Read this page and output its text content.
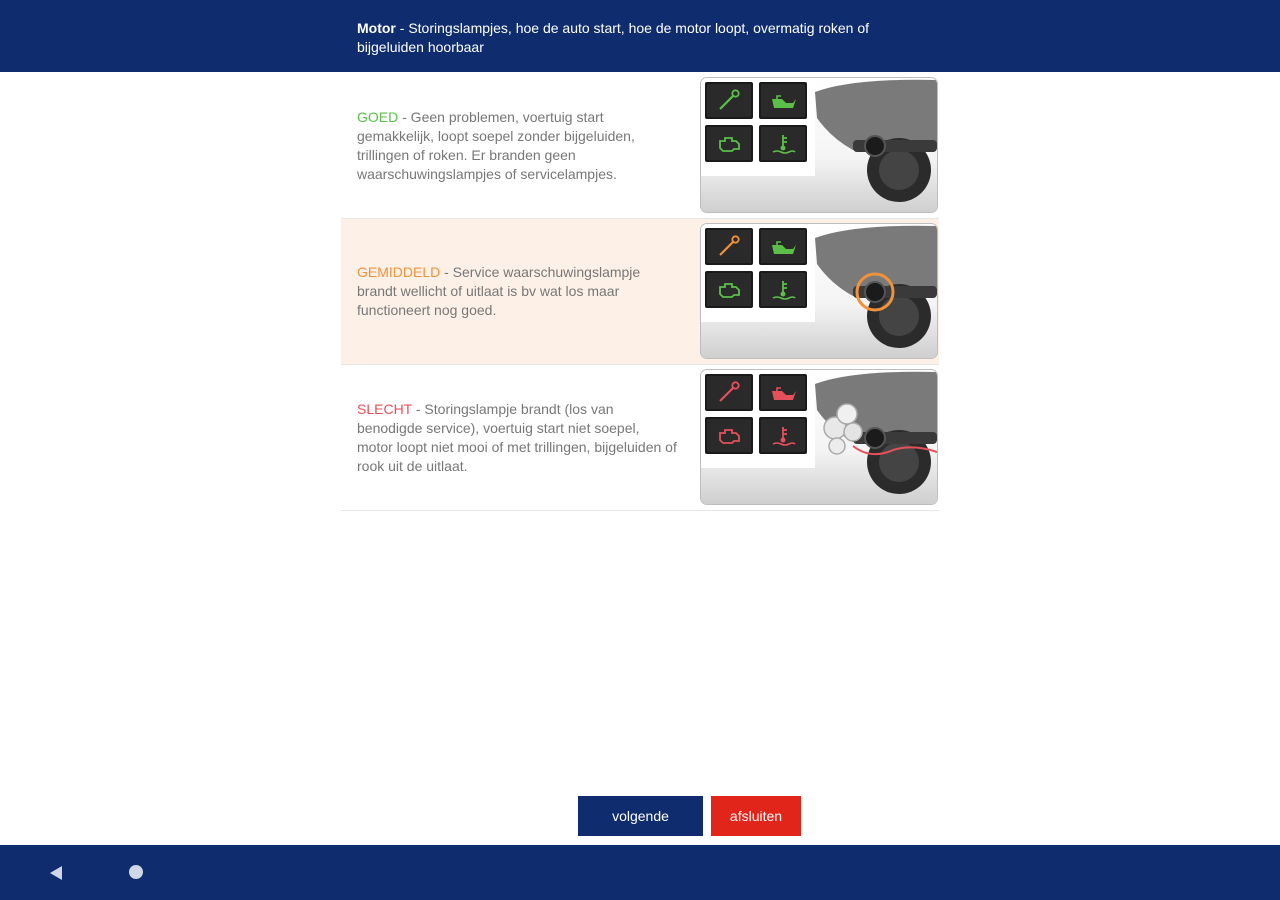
Motor - Storingslampjes, hoe de auto start, hoe de motor loopt, overmatig roken of bijgeluiden hoorbaar
GOED - Geen problemen, voertuig start gemakkelijk, loopt soepel zonder bijgeluiden, trillingen of roken. Er branden geen waarschuwingslampjes of servicelampjes.
GEMIDDELD - Service waarschuwingslampje brandt wellicht of uitlaat is bv wat los maar functioneert nog goed.
SLECHT - Storingslampje brandt (los van benodigde service), voertuig start niet soepel, motor loopt niet mooi of met trillingen, bijgeluiden of rook uit de uitlaat.
volgende	afsluiten
